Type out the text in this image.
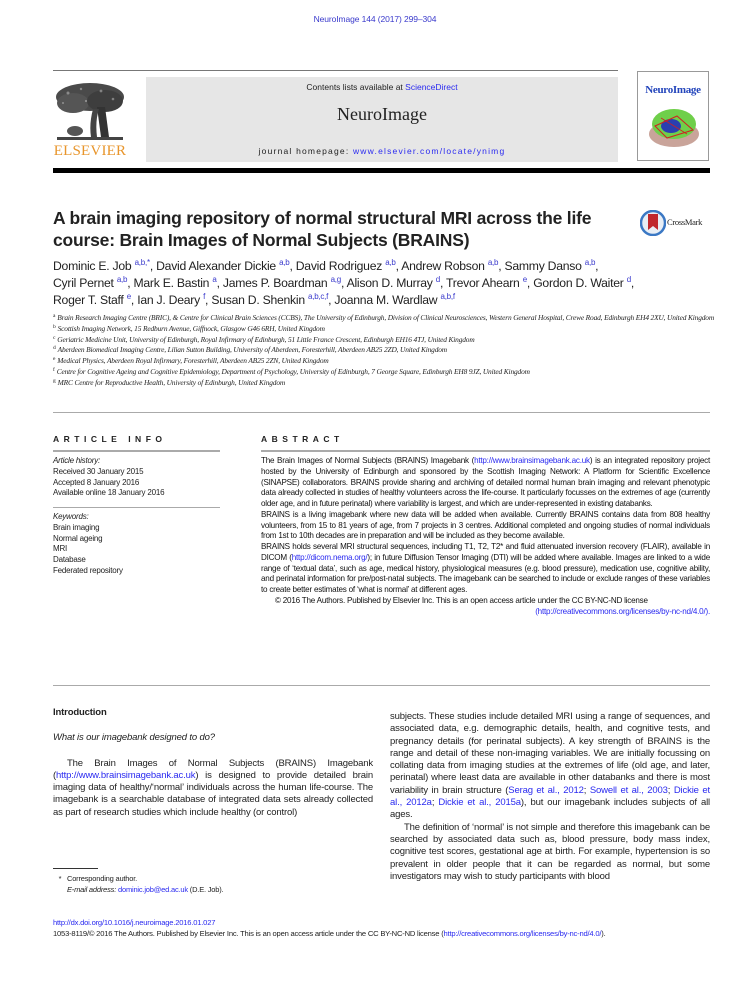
NeuroImage 144 (2017) 299–304
ELSEVIER
Contents lists available at ScienceDirect
NeuroImage
journal homepage: www.elsevier.com/locate/ynimg
NeuroImage
A brain imaging repository of normal structural MRI across the life course: Brain Images of Normal Subjects (BRAINS)
CrossMark
Dominic E. Job $^{a,b,*}$, David Alexander Dickie $^{a,b}$, David Rodriguez $^{a,b}$, Andrew Robson $^{a,b}$, Sammy Danso $^{a,b}$,
Cyril Pernet $^{a,b}$, Mark E. Bastin $^a$, James P. Boardman $^{a,g}$, Alison D. Murray $^d$, Trevor Ahearn $^e$, Gordon D. Waiter $^d$,
Roger T. Staff $^e$, Ian J. Deary $^f$, Susan D. Shenkin $^{a,b,c,f}$, Joanna M. Wardlaw $^{a,b,f}$
$^a$ Brain Research Imaging Centre (BRIC), & Centre for Clinical Brain Sciences (CCBS), The University of Edinburgh, Division of Clinical Neurosciences, Western General Hospital, Crewe Road, Edinburgh EH4 2XU, United Kingdom
$^b$ Scottish Imaging Network, 15 Redburn Avenue, Giffnock, Glasgow G46 6RH, United Kingdom
$^c$ Geriatric Medicine Unit, University of Edinburgh, Royal Infirmary of Edinburgh, 51 Little France Crescent, Edinburgh EH16 4TJ, United Kingdom
$^d$ Aberdeen Biomedical Imaging Centre, Lilian Sutton Building, University of Aberdeen, Foresterhill, Aberdeen AB25 2ZD, United Kingdom
$^e$ Medical Physics, Aberdeen Royal Infirmary, Foresterhill, Aberdeen AB25 2ZN, United Kingdom
$^f$ Centre for Cognitive Ageing and Cognitive Epidemiology, Department of Psychology, University of Edinburgh, 7 George Square, Edinburgh EH8 9JZ, United Kingdom
$^g$ MRC Centre for Reproductive Health, University of Edinburgh, United Kingdom
ARTICLE INFO
Article history:
Received 30 January 2015
Accepted 8 January 2016
Available online 18 January 2016
Keywords:
Brain imaging
Normal ageing
MRI
Database
Federated repository
ABSTRACT

The Brain Images of Normal Subjects (BRAINS) Imagebank (http://www.brainsimagebank.ac.uk) is an integrated repository project hosted by the University of Edinburgh and sponsored by the Scottish Imaging Network: A Platform for Scientific Excellence (SINAPSE) collaborators. BRAINS provide sharing and archiving of detailed normal human brain imaging and relevant phenotypic data already collected in studies of healthy volunteers across the life-course. It particularly focusses on the extremes of age (currently older age, and in future perinatal) where variability is largest, and which are under-represented in existing databanks.

BRAINS is a living imagebank where new data will be added when available. Currently BRAINS contains data from 808 healthy volunteers, from 15 to 81 years of age, from 7 projects in 3 centres. Additional completed and ongoing studies of normal individuals from 1st to 10th decades are in preparation and will be included as they become available.

BRAINS holds several MRI structural sequences, including T1, T2, T2* and fluid attenuated inversion recovery (FLAIR), available in DICOM (http://dicom.nema.org/); in future Diffusion Tensor Imaging (DTI) will be added where available. Images are linked to a wide range of ‘textual data’, such as age, medical history, physiological measures (e.g. blood pressure), medication use, cognitive ability, and perinatal information for pre/post-natal subjects. The imagebank can be searched to include or exclude ranges of these variables to create better estimates of ‘what is normal’ at different ages.

© 2016 The Authors. Published by Elsevier Inc. This is an open access article under the CC BY-NC-ND license

(http://creativecommons.org/licenses/by-nc-nd/4.0/).

Introduction
What is our imagebank designed to do?

The Brain Images of Normal Subjects (BRAINS) Imagebank (http://www.brainsimagebank.ac.uk) is designed to provide detailed brain imaging data of healthy/‘normal’ individuals across the human life-course. The imagebank is a searchable database of integrated data sets already collected as part of research studies which include healthy (or control)

subjects. These studies include detailed MRI using a range of sequences, and associated data, e.g. demographic details, health, and cognitive tests, and pregnancy details (for perinatal subjects). A key strength of BRAINS is the range and detail of these non-imaging variables. We are initially focussing on collating data from imaging studies at the extremes of life (old age, and later, perinatal) where least data are available in other databanks and there is most variability in brain structure (Serag et al., 2012; Sowell et al., 2003; Dickie et al., 2012a; Dickie et al., 2015a), but our imagebank includes subjects of all ages.

The definition of ‘normal’ is not simple and therefore this imagebank can be searched by associated data such as, blood pressure, body mass index, cognitive test scores, gestational age at birth. For example, hypertension is so prevalent in older people that it can be regarded as normal, but some investigators may wish to study participants with blood

* Corresponding author.
E-mail address: dominic.job@ed.ac.uk (D.E. Job).
http://dx.doi.org/10.1016/j.neuroimage.2016.01.027
1053-8119/© 2016 The Authors. Published by Elsevier Inc. This is an open access article under the CC BY-NC-ND license (http://creativecommons.org/licenses/by-nc-nd/4.0/).
